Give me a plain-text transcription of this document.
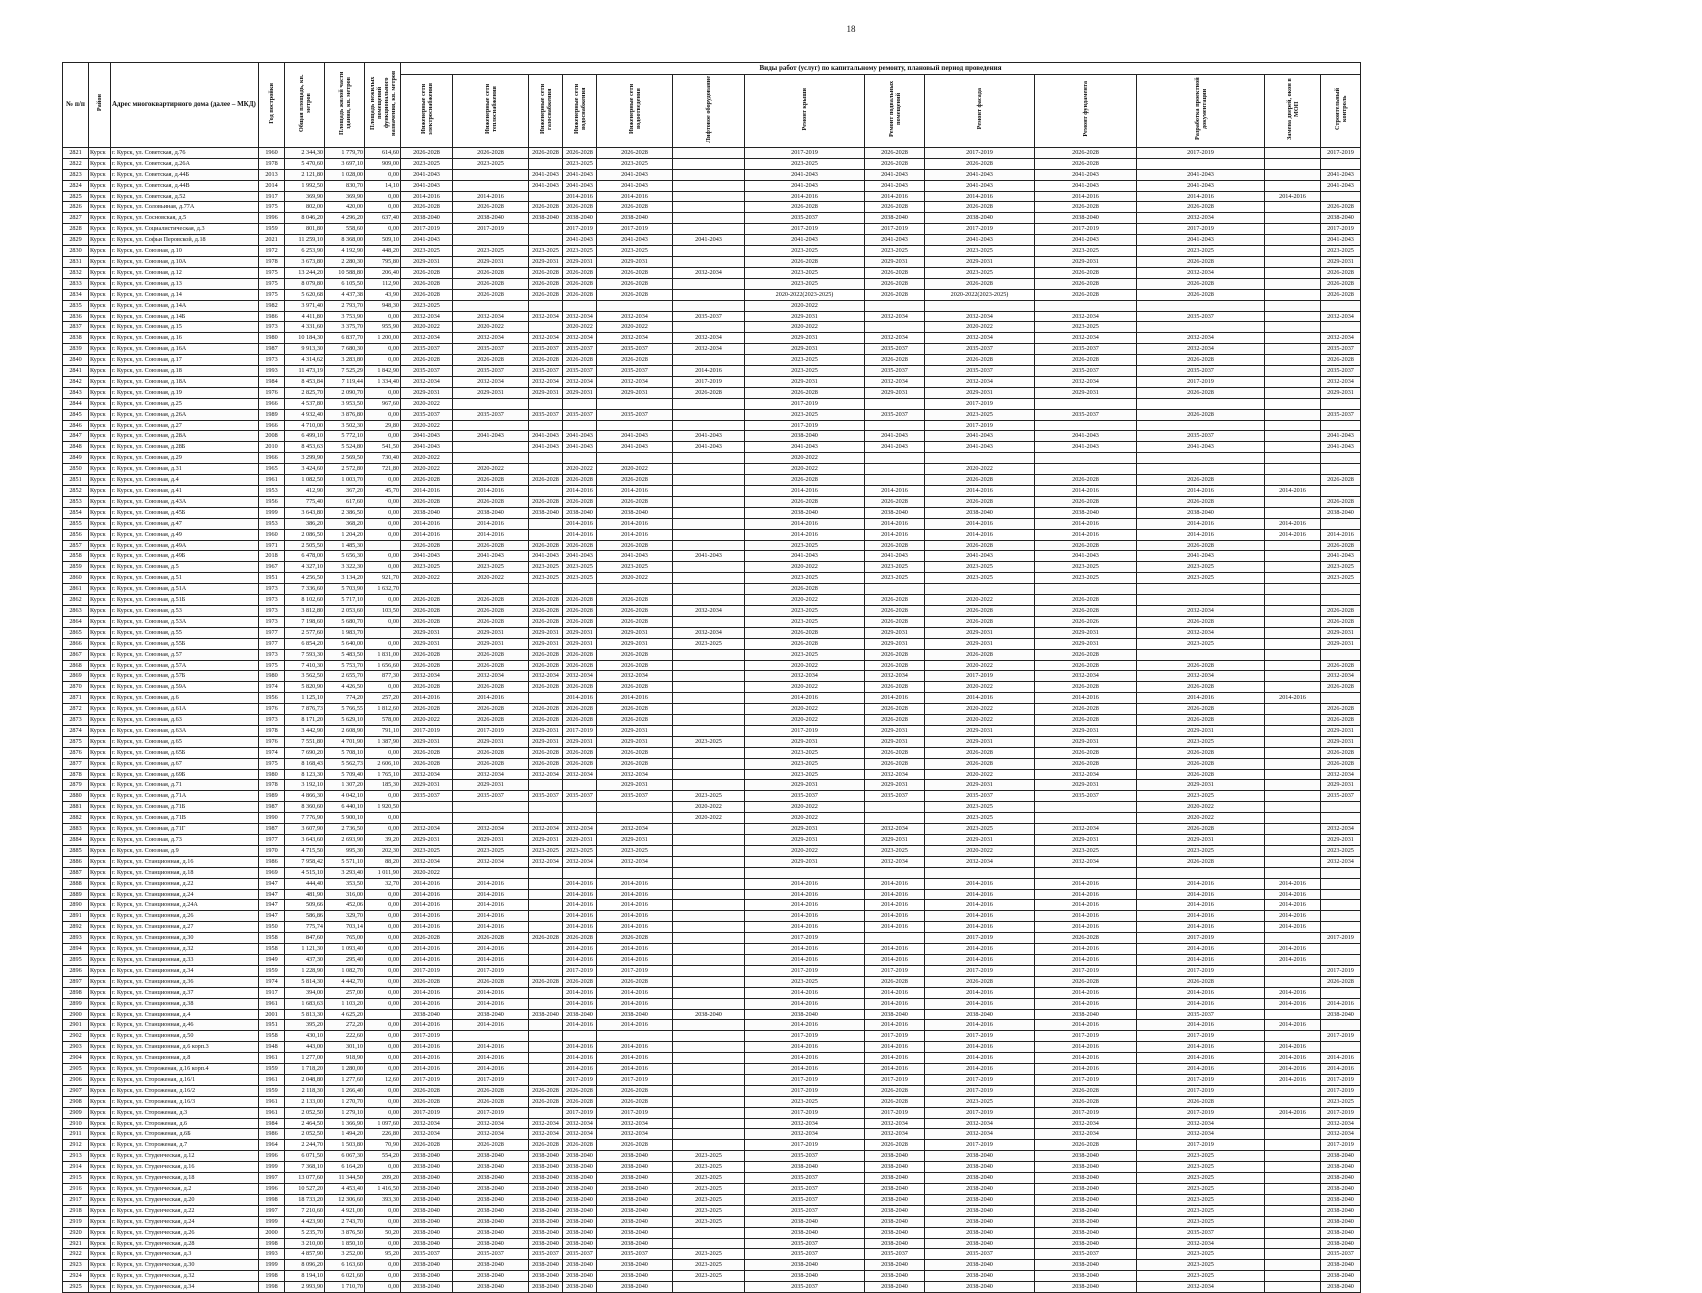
18
№ п/п	Район	Адрес многоквартирного дома (далее – МКД)	Год постройки	Общая площадь, кв. метров	Площадь жилой части здания, кв. метров	Площадь нежилых помещений функционального назначения, кв. метров	Виды работ (услуг) по капитальному ремонту, плановый период проведения												
							Инженерные сети электроснабжения	Инженерные сети теплоснабжения	Инженерные сети газоснабжения	Инженерные сети водоснабжения	Инженерные сети водоотведения	Лифтовое оборудование	Ремонт крыши	Ремонт подвальных помещений	Ремонт фасада	Ремонт фундамента	Разработка проектной документации	Замена дверей, окон в МОП	Строительный контроль
2821	Курск	г. Курск, ул. Советская, д.76	1960	2 344,30	1 779,70	614,60	2026-2028	2026-2028	2026-2028	2026-2028	2026-2028		2017-2019	2026-2028	2017-2019	2026-2028	2017-2019		2017-2019
2822	Курск	г. Курск, ул. Советская, д.26А	1978	5 470,60	3 697,10	909,00	2023-2025	2023-2025		2023-2025	2023-2025		2023-2025	2026-2028	2026-2028	2026-2028			
2823	Курск	г. Курск, ул. Советская, д.44Б	2013	2 121,80	1 028,00	0,00	2041-2043		2041-2043	2041-2043	2041-2043		2041-2043	2041-2043	2041-2043	2041-2043	2041-2043		2041-2043
2824	Курск	г. Курск, ул. Советская, д.44В	2014	1 992,50	830,70	14,10	2041-2043		2041-2043	2041-2043	2041-2043		2041-2043	2041-2043	2041-2043	2041-2043	2041-2043		2041-2043
2825	Курск	г. Курск, ул. Советская, д.52	1917	369,90	369,90	0,00	2014-2016	2014-2016		2014-2016	2014-2016		2014-2016	2014-2016	2014-2016	2014-2016	2014-2016	2014-2016	
2826	Курск	г. Курск, ул. Соловьиная, д.77А	1975	802,00	420,00	0,00	2026-2028	2026-2028	2026-2028	2026-2028	2026-2028		2026-2028	2026-2028	2026-2028	2026-2028	2026-2028		2026-2028
2827	Курск	г. Курск, ул. Сосновская, д.5	1996	8 046,20	4 296,20	637,40	2038-2040	2038-2040	2038-2040	2038-2040	2038-2040		2035-2037	2038-2040	2038-2040	2038-2040	2032-2034		2038-2040
2828	Курск	г. Курск, ул. Социалистическая, д.3	1959	801,80	558,60	0,00	2017-2019	2017-2019		2017-2019	2017-2019		2017-2019	2017-2019	2017-2019	2017-2019	2017-2019		2017-2019
2829	Курск	г. Курск, ул. Софьи Перовской, д.18	2021	11 259,10	8 368,00	509,10	2041-2043			2041-2043	2041-2043	2041-2043	2041-2043	2041-2043	2041-2043	2041-2043	2041-2043		2041-2043
2830	Курск	г. Курск, ул. Союзная, д.10	1972	6 253,90	4 192,90	448,20	2023-2025	2023-2025	2023-2025	2023-2025	2023-2025		2023-2025	2023-2025	2023-2025	2023-2025	2023-2025		2023-2025
2831	Курск	г. Курск, ул. Союзная, д.10А	1978	3 673,80	2 280,30	795,80	2029-2031	2029-2031	2029-2031	2029-2031	2029-2031		2026-2028	2029-2031	2029-2031	2029-2031	2026-2028		2029-2031
2832	Курск	г. Курск, ул. Союзная, д.12	1975	13 244,20	10 588,80	206,40	2026-2028	2026-2028	2026-2028	2026-2028	2026-2028	2032-2034	2023-2025	2026-2028	2023-2025	2026-2028	2032-2034		2026-2028
2833	Курск	г. Курск, ул. Союзная, д.13	1975	8 079,80	6 105,50	112,90	2026-2028	2026-2028	2026-2028	2026-2028	2026-2028		2023-2025	2026-2028	2026-2028	2026-2028	2026-2028		2026-2028
2834	Курск	г. Курск, ул. Союзная, д.14	1975	5 620,68	4 437,38	43,90	2026-2028	2026-2028	2026-2028	2026-2028	2026-2028		2020-2022(2023-2025)	2026-2028	2020-2022(2023-2025)	2026-2028	2026-2028		2026-2028
2835	Курск	г. Курск, ул. Союзная, д.14А	1982	3 971,40	2 793,70	948,30	2023-2025						2020-2022						
2836	Курск	г. Курск, ул. Союзная, д.14Б	1986	4 411,80	3 753,90	0,00	2032-2034	2032-2034	2032-2034	2032-2034	2032-2034	2035-2037	2029-2031	2032-2034	2032-2034	2032-2034	2035-2037		2032-2034
2837	Курск	г. Курск, ул. Союзная, д.15	1973	4 331,60	3 375,70	955,90	2020-2022	2020-2022		2020-2022	2020-2022		2020-2022		2020-2022	2023-2025			
2838	Курск	г. Курск, ул. Союзная, д.16	1980	10 184,30	6 837,70	1 200,00	2032-2034	2032-2034	2032-2034	2032-2034	2032-2034	2032-2034	2029-2031	2032-2034	2032-2034	2032-2034	2032-2034		2032-2034
2839	Курск	г. Курск, ул. Союзная, д.16А	1987	9 913,30	7 680,30	0,00	2035-2037	2035-2037	2035-2037	2035-2037	2035-2037	2032-2034	2029-2031	2035-2037	2035-2037	2035-2037	2032-2034		2035-2037
2840	Курск	г. Курск, ул. Союзная, д.17	1973	4 314,62	3 283,80	0,00	2026-2028	2026-2028	2026-2028	2026-2028	2026-2028		2023-2025	2026-2028	2026-2028	2026-2028	2026-2028		2026-2028
2841	Курск	г. Курск, ул. Союзная, д.18	1993	11 473,19	7 525,29	1 842,90	2035-2037	2035-2037	2035-2037	2035-2037	2035-2037	2014-2016	2023-2025	2035-2037	2035-2037	2035-2037	2035-2037		2035-2037
2842	Курск	г. Курск, ул. Союзная, д.18А	1984	8 453,84	7 119,44	1 334,40	2032-2034	2032-2034	2032-2034	2032-2034	2032-2034	2017-2019	2029-2031	2032-2034	2032-2034	2032-2034	2017-2019		2032-2034
2843	Курск	г. Курск, ул. Союзная, д.19	1976	2 825,70	2 090,70	0,00	2029-2031	2029-2031	2029-2031	2029-2031	2029-2031	2026-2028	2026-2028	2029-2031	2029-2031	2029-2031	2026-2028		2029-2031
2844	Курск	г. Курск, ул. Союзная, д.25	1966	4 537,80	3 953,50	967,60	2020-2022						2017-2019		2017-2019				
2845	Курск	г. Курск, ул. Союзная, д.26А	1989	4 932,40	3 876,80	0,00	2035-2037	2035-2037	2035-2037	2035-2037	2035-2037		2023-2025	2035-2037	2023-2025	2035-2037	2026-2028		2035-2037
2846	Курск	г. Курск, ул. Союзная, д.27	1966	4 710,00	3 502,30	29,80	2020-2022						2017-2019		2017-2019				
2847	Курск	г. Курск, ул. Союзная, д.28А	2008	6 499,10	5 772,10	0,00	2041-2043	2041-2043	2041-2043	2041-2043	2041-2043	2041-2043	2038-2040	2041-2043	2041-2043	2041-2043	2035-2037		2041-2043
2848	Курск	г. Курск, ул. Союзная, д.28Б	2010	8 453,63	5 524,80	541,50	2041-2043		2041-2043	2041-2043	2041-2043	2041-2043	2041-2043	2041-2043	2041-2043	2041-2043	2041-2043		2041-2043
2849	Курск	г. Курск, ул. Союзная, д.29	1966	3 299,90	2 569,50	730,40	2020-2022						2020-2022						
2850	Курск	г. Курск, ул. Союзная, д.31	1965	3 424,60	2 572,80	721,80	2020-2022	2020-2022		2020-2022	2020-2022		2020-2022		2020-2022				
2851	Курск	г. Курск, ул. Союзная, д.4	1961	1 082,50	1 003,70	0,00	2026-2028	2026-2028	2026-2028	2026-2028	2026-2028		2026-2028		2026-2028	2026-2028	2026-2028		2026-2028
2852	Курск	г. Курск, ул. Союзная, д.41	1953	412,90	367,20	45,70	2014-2016	2014-2016		2014-2016	2014-2016		2014-2016	2014-2016	2014-2016	2014-2016	2014-2016	2014-2016	
2853	Курск	г. Курск, ул. Союзная, д.43А	1956	775,40	617,60	0,00	2026-2028	2026-2028	2026-2028	2026-2028	2026-2028		2026-2028	2026-2028	2026-2028	2026-2028	2026-2028		2026-2028
2854	Курск	г. Курск, ул. Союзная, д.45Б	1999	3 643,80	2 386,50	0,00	2038-2040	2038-2040	2038-2040	2038-2040	2038-2040		2038-2040	2038-2040	2038-2040	2038-2040	2038-2040		2038-2040
2855	Курск	г. Курск, ул. Союзная, д.47	1953	386,20	368,20	0,00	2014-2016	2014-2016		2014-2016	2014-2016		2014-2016	2014-2016	2014-2016	2014-2016	2014-2016	2014-2016	
2856	Курск	г. Курск, ул. Союзная, д.49	1960	2 086,50	1 204,20	0,00	2014-2016	2014-2016		2014-2016	2014-2016		2014-2016	2014-2016	2014-2016	2014-2016	2014-2016	2014-2016	2014-2016
2857	Курск	г. Курск, ул. Союзная, д.49А	1971	2 505,50	1 485,30		2026-2028	2026-2028	2026-2028	2026-2028	2026-2028		2023-2025	2026-2028	2026-2028	2026-2028	2026-2028		2026-2028
2858	Курск	г. Курск, ул. Союзная, д.49Б	2018	6 478,00	5 656,30	0,00	2041-2043	2041-2043	2041-2043	2041-2043	2041-2043	2041-2043	2041-2043	2041-2043	2041-2043	2041-2043	2041-2043		2041-2043
2859	Курск	г. Курск, ул. Союзная, д.5	1967	4 327,10	3 322,30	0,00	2023-2025	2023-2025	2023-2025	2023-2025	2023-2025		2020-2022	2023-2025	2023-2025	2023-2025	2023-2025		2023-2025
2860	Курск	г. Курск, ул. Союзная, д.51	1951	4 256,50	3 134,20	921,70	2020-2022	2020-2022	2023-2025	2023-2025	2020-2022		2023-2025	2023-2025	2023-2025	2023-2025	2023-2025		2023-2025
2861	Курск	г. Курск, ул. Союзная, д.51А	1973	7 336,60	5 703,90	1 632,70							2026-2028						
2862	Курск	г. Курск, ул. Союзная, д.51Б	1973	8 102,60	5 717,10	0,00	2026-2028	2026-2028	2026-2028	2026-2028	2026-2028		2020-2022	2026-2028	2020-2022	2026-2028			
2863	Курск	г. Курск, ул. Союзная, д.53	1973	3 812,80	2 053,60	103,50	2026-2028	2026-2028	2026-2028	2026-2028	2026-2028	2032-2034	2023-2025	2026-2028	2026-2028	2026-2028	2032-2034		2026-2028
2864	Курск	г. Курск, ул. Союзная, д.53А	1973	7 198,60	5 680,70	0,00	2026-2028	2026-2028	2026-2028	2026-2028	2026-2028		2023-2025	2026-2028	2026-2028	2026-2026	2026-2028		2026-2028
2865	Курск	г. Курск, ул. Союзная, д.55	1977	2 577,60	1 983,70		2029-2031	2029-2031	2029-2031	2029-2031	2029-2031	2032-2034	2026-2028	2029-2031	2029-2031	2029-2031	2032-2034		2029-2031
2866	Курск	г. Курск, ул. Союзная, д.55Б	1977	6 854,20	5 640,00	0,00	2029-2031	2029-2031	2029-2031	2029-2031	2029-2031	2023-2025	2026-2028	2029-2031	2029-2031	2029-2031	2023-2025		2029-2031
2867	Курск	г. Курск, ул. Союзная, д.57	1973	7 593,30	5 483,50	1 831,00	2026-2028	2026-2028	2026-2028	2026-2028	2026-2028		2023-2025	2026-2028	2026-2028	2026-2028			
2868	Курск	г. Курск, ул. Союзная, д.57А	1975	7 410,30	5 753,70	1 656,60	2026-2028	2026-2028	2026-2028	2026-2028	2026-2028		2020-2022	2026-2028	2020-2022	2026-2028	2026-2028		2026-2028
2869	Курск	г. Курск, ул. Союзная, д.57Б	1980	3 562,50	2 655,70	877,30	2032-2034	2032-2034	2032-2034	2032-2034	2032-2034		2032-2034	2032-2034	2017-2019	2032-2034	2032-2034		2032-2034
2870	Курск	г. Курск, ул. Союзная, д.59А	1974	5 820,90	4 426,50	0,00	2026-2028	2026-2028	2026-2028	2026-2028	2026-2028		2020-2022	2026-2028	2020-2022	2026-2028	2026-2028		2026-2028
2871	Курск	г. Курск, ул. Союзная, д.6	1956	1 125,10	774,20	257,20	2014-2016	2014-2016		2014-2016	2014-2016		2014-2016	2014-2016	2014-2016	2014-2016	2014-2016	2014-2016	
2872	Курск	г. Курск, ул. Союзная, д.61А	1976	7 876,73	5 766,55	1 812,60	2026-2028	2026-2028	2026-2028	2026-2028	2026-2028		2020-2022	2026-2028	2020-2022	2026-2028	2026-2028		2026-2028
2873	Курск	г. Курск, ул. Союзная, д.63	1973	8 171,20	5 629,10	578,00	2020-2022	2026-2028	2026-2028	2026-2028	2026-2028		2020-2022	2026-2028	2020-2022	2026-2028	2026-2028		2026-2028
2874	Курск	г. Курск, ул. Союзная, д.63А	1978	3 442,90	2 608,90	791,10	2017-2019	2017-2019	2029-2031	2017-2019	2029-2031		2017-2019	2029-2031	2029-2031	2029-2031	2029-2031		2029-2031
2875	Курск	г. Курск, ул. Союзная, д.65	1976	7 551,80	4 701,90	1 387,90	2029-2031	2029-2031	2029-2031	2029-2031	2029-2031	2023-2025	2029-2031	2029-2031	2029-2031	2029-2031	2023-2025		2029-2031
2876	Курск	г. Курск, ул. Союзная, д.65Б	1974	7 690,20	5 708,10	0,00	2026-2028	2026-2028	2026-2028	2026-2028	2026-2028		2023-2025	2026-2028	2026-2028	2026-2028	2026-2028		2026-2028
2877	Курск	г. Курск, ул. Союзная, д.67	1975	8 168,43	5 562,73	2 606,10	2026-2028	2026-2028	2026-2028	2026-2028	2026-2028		2023-2025	2026-2028	2026-2028	2026-2028	2026-2028		2026-2028
2878	Курск	г. Курск, ул. Союзная, д.69Б	1980	8 123,30	5 709,40	1 765,10	2032-2034	2032-2034	2032-2034	2032-2034	2032-2034		2023-2025	2032-2034	2020-2022	2032-2034	2026-2028		2032-2034
2879	Курск	г. Курск, ул. Союзная, д.71	1978	3 192,10	1 307,20	185,30	2029-2031	2029-2031			2029-2031		2029-2031	2029-2031	2029-2031	2029-2031	2029-2031		2029-2031
2880	Курск	г. Курск, ул. Союзная, д.71А	1989	4 866,30	4 042,10	0,00	2035-2037	2035-2037	2035-2037	2035-2037	2035-2037	2023-2025	2035-2037	2035-2037	2035-2037	2035-2037	2023-2025		2035-2037
2881	Курск	г. Курск, ул. Союзная, д.71Б	1987	8 360,60	6 440,10	1 920,50						2020-2022	2020-2022		2023-2025		2020-2022		
2882	Курск	г. Курск, ул. Союзная, д.71В	1990	7 776,90	5 900,10	0,00						2020-2022	2020-2022		2023-2025		2020-2022		
2883	Курск	г. Курск, ул. Союзная, д.71Г	1987	3 607,90	2 736,50	0,00	2032-2034	2032-2034	2032-2034	2032-2034	2032-2034		2029-2031	2032-2034	2023-2025	2032-2034	2026-2028		2032-2034
2884	Курск	г. Курск, ул. Союзная, д.73	1977	3 643,60	2 693,90	39,20	2029-2031	2029-2031	2029-2031	2029-2031	2029-2031		2029-2031	2029-2031	2029-2031	2029-2031	2029-2031		2029-2031
2885	Курск	г. Курск, ул. Союзная, д.9	1970	4 715,50	995,30	202,30	2023-2025	2023-2025	2023-2025	2023-2025	2023-2025		2020-2022	2023-2025	2020-2022	2023-2025	2023-2025		2023-2025
2886	Курск	г. Курск, ул. Станционная, д.16	1986	7 958,42	5 571,10	88,20	2032-2034	2032-2034	2032-2034	2032-2034	2032-2034		2029-2031	2032-2034	2032-2034	2032-2034	2026-2028		2032-2034
2887	Курск	г. Курск, ул. Станционная, д.18	1969	4 515,10	3 293,40	1 011,90	2020-2022												
2888	Курск	г. Курск, ул. Станционная, д.22	1947	444,40	353,50	32,70	2014-2016	2014-2016		2014-2016	2014-2016		2014-2016	2014-2016	2014-2016	2014-2016	2014-2016	2014-2016	
2889	Курск	г. Курск, ул. Станционная, д.24	1947	481,90	316,00	0,00	2014-2016	2014-2016		2014-2016	2014-2016		2014-2016	2014-2016	2014-2016	2014-2016	2014-2016	2014-2016	
2890	Курск	г. Курск, ул. Станционная, д.24А	1947	509,66	452,06	0,00	2014-2016	2014-2016		2014-2016	2014-2016		2014-2016	2014-2016	2014-2016	2014-2016	2014-2016	2014-2016	
2891	Курск	г. Курск, ул. Станционная, д.26	1947	586,86	329,70	0,00	2014-2016	2014-2016		2014-2016	2014-2016		2014-2016	2014-2016	2014-2016	2014-2016	2014-2016	2014-2016	
2892	Курск	г. Курск, ул. Станционная, д.27	1950	775,74	703,14	0,00	2014-2016	2014-2016		2014-2016	2014-2016		2014-2016	2014-2016	2014-2016	2014-2016	2014-2016	2014-2016	
2893	Курск	г. Курск, ул. Станционная, д.30	1958	847,60	765,00	0,00	2026-2028	2026-2028	2026-2028	2026-2028	2026-2028		2017-2019		2017-2019	2026-2028	2017-2019		2017-2019
2894	Курск	г. Курск, ул. Станционная, д.32	1958	1 121,30	1 093,40	0,00	2014-2016	2014-2016		2014-2016	2014-2016		2014-2016	2014-2016	2014-2016	2014-2016	2014-2016	2014-2016	
2895	Курск	г. Курск, ул. Станционная, д.33	1949	437,30	295,40	0,00	2014-2016	2014-2016		2014-2016	2014-2016		2014-2016	2014-2016	2014-2016	2014-2016	2014-2016	2014-2016	
2896	Курск	г. Курск, ул. Станционная, д.34	1959	1 228,90	1 082,70	0,00	2017-2019	2017-2019		2017-2019	2017-2019		2017-2019	2017-2019	2017-2019	2017-2019	2017-2019		2017-2019
2897	Курск	г. Курск, ул. Станционная, д.36	1974	5 814,30	4 442,70	0,00	2026-2028	2026-2028	2026-2028	2026-2028	2026-2028		2023-2025	2026-2028	2026-2028	2026-2028	2026-2028		2026-2028
2898	Курск	г. Курск, ул. Станционная, д.37	1917	394,00	257,00	0,00	2014-2016	2014-2016		2014-2016	2014-2016		2014-2016	2014-2016	2014-2016	2014-2016	2014-2016	2014-2016	
2899	Курск	г. Курск, ул. Станционная, д.38	1961	1 683,63	1 103,20	0,00	2014-2016	2014-2016		2014-2016	2014-2016		2014-2016	2014-2016	2014-2016	2014-2016	2014-2016	2014-2016	2014-2016
2900	Курск	г. Курск, ул. Станционная, д.4	2001	5 813,30	4 625,20		2038-2040	2038-2040	2038-2040	2038-2040	2038-2040	2038-2040	2038-2040	2038-2040	2038-2040	2038-2040	2035-2037		2038-2040
2901	Курск	г. Курск, ул. Станционная, д.46	1951	395,20	272,20	0,00	2014-2016	2014-2016		2014-2016	2014-2016		2014-2016	2014-2016	2014-2016	2014-2016	2014-2016	2014-2016	
2902	Курск	г. Курск, ул. Станционная, д.50	1958	430,10	222,60	0,00	2017-2019						2017-2019	2017-2019	2017-2019	2017-2019	2017-2019		2017-2019
2903	Курск	г. Курск, ул. Станционная, д.6 корп.3	1948	443,00	301,10	0,00	2014-2016	2014-2016		2014-2016	2014-2016		2014-2016	2014-2016	2014-2016	2014-2016	2014-2016	2014-2016	
2904	Курск	г. Курск, ул. Станционная, д.8	1961	1 277,00	918,90	0,00	2014-2016	2014-2016		2014-2016	2014-2016		2014-2016	2014-2016	2014-2016	2014-2016	2014-2016	2014-2016	2014-2016
2905	Курск	г. Курск, ул. Стороженая, д.16 корп.4	1959	1 718,20	1 280,00	0,00	2014-2016	2014-2016		2014-2016	2014-2016		2014-2016	2014-2016	2014-2016	2014-2016	2014-2016	2014-2016	2014-2016
2906	Курск	г. Курск, ул. Стороженая, д.16/1	1961	2 048,80	1 277,60	12,60	2017-2019	2017-2019		2017-2019	2017-2019		2017-2019	2017-2019	2017-2019	2017-2019	2017-2019	2014-2016	2017-2019
2907	Курск	г. Курск, ул. Стороженая, д.16/2	1959	2 118,30	1 266,40	0,00	2026-2028	2026-2028	2026-2028	2026-2028	2026-2028		2017-2019	2026-2028	2017-2019	2026-2028	2017-2019		2017-2019
2908	Курск	г. Курск, ул. Стороженая, д.16/3	1961	2 133,00	1 270,70	0,00	2026-2028	2026-2028	2026-2028	2026-2028	2026-2028		2023-2025	2026-2028	2023-2025	2026-2028	2026-2028		2023-2025
2909	Курск	г. Курск, ул. Стороженая, д.3	1961	2 052,50	1 279,10	0,00	2017-2019	2017-2019		2017-2019	2017-2019		2017-2019	2017-2019	2017-2019	2017-2019	2017-2019	2014-2016	2017-2019
2910	Курск	г. Курск, ул. Стороженая, д.6	1984	2 464,50	1 366,90	1 097,60	2032-2034	2032-2034	2032-2034	2032-2034	2032-2034		2032-2034	2032-2034	2032-2034	2032-2034	2032-2034		2032-2034
2911	Курск	г. Курск, ул. Стороженая, д.6Б	1986	2 052,50	1 494,20	226,80	2032-2034	2032-2034	2032-2034	2032-2034	2032-2034		2032-2034	2032-2034	2032-2034	2032-2034	2032-2034		2032-2034
2912	Курск	г. Курск, ул. Стороженая, д.7	1964	2 244,70	1 503,80	70,90	2026-2028	2026-2028	2026-2028	2026-2028	2026-2028		2017-2019	2026-2028	2017-2019	2026-2028	2017-2019		2017-2019
2913	Курск	г. Курск, ул. Студенческая, д.12	1996	6 071,50	6 067,30	554,20	2038-2040	2038-2040	2038-2040	2038-2040	2038-2040	2023-2025	2035-2037	2038-2040	2038-2040	2038-2040	2023-2025		2038-2040
2914	Курск	г. Курск, ул. Студенческая, д.16	1999	7 368,10	6 164,20	0,00	2038-2040	2038-2040	2038-2040	2038-2040	2038-2040	2023-2025	2038-2040	2038-2040	2038-2040	2038-2040	2023-2025		2038-2040
2915	Курск	г. Курск, ул. Студенческая, д.18	1997	13 077,60	11 344,50	209,20	2038-2040	2038-2040	2038-2040	2038-2040	2038-2040	2023-2025	2035-2037	2038-2040	2038-2040	2038-2040	2023-2025		2038-2040
2916	Курск	г. Курск, ул. Студенческая, д.2	1996	10 527,20	4 453,40	1 416,50	2038-2040	2038-2040	2038-2040	2038-2040	2038-2040	2023-2025	2035-2037	2038-2040	2038-2040	2038-2040	2023-2025		2038-2040
2917	Курск	г. Курск, ул. Студенческая, д.20	1998	18 733,20	12 306,60	393,30	2038-2040	2038-2040	2038-2040	2038-2040	2038-2040	2023-2025	2035-2037	2038-2040	2038-2040	2038-2040	2023-2025		2038-2040
2918	Курск	г. Курск, ул. Студенческая, д.22	1997	7 210,60	4 921,00	0,00	2038-2040	2038-2040	2038-2040	2038-2040	2038-2040	2023-2025	2035-2037	2038-2040	2038-2040	2038-2040	2023-2025		2038-2040
2919	Курск	г. Курск, ул. Студенческая, д.24	1999	4 423,90	2 743,70	0,00	2038-2040	2038-2040	2038-2040	2038-2040	2038-2040	2023-2025	2038-2040	2038-2040	2038-2040	2038-2040	2023-2025		2038-2040
2920	Курск	г. Курск, ул. Студенческая, д.26	2000	5 235,70	3 876,50	50,20	2038-2040	2038-2040	2038-2040	2038-2040	2038-2040		2038-2040	2038-2040	2038-2040	2038-2040	2035-2037		2038-2040
2921	Курск	г. Курск, ул. Студенческая, д.28	1998	3 210,00	1 850,10	0,00	2038-2040	2038-2040	2038-2040	2038-2040	2038-2040		2035-2037	2038-2040	2038-2040	2038-2040	2032-2034		2038-2040
2922	Курск	г. Курск, ул. Студенческая, д.3	1993	4 857,90	3 252,00	95,20	2035-2037	2035-2037	2035-2037	2035-2037	2035-2037	2023-2025	2035-2037	2035-2037	2035-2037	2035-2037	2023-2025		2035-2037
2923	Курск	г. Курск, ул. Студенческая, д.30	1999	8 096,20	6 163,60	0,00	2038-2040	2038-2040	2038-2040	2038-2040	2038-2040	2023-2025	2038-2040	2038-2040	2038-2040	2038-2040	2023-2025		2038-2040
2924	Курск	г. Курск, ул. Студенческая, д.32	1998	8 194,10	6 021,60	0,00	2038-2040	2038-2040	2038-2040	2038-2040	2038-2040	2023-2025	2038-2040	2038-2040	2038-2040	2038-2040	2023-2025		2038-2040
2925	Курск	г. Курск, ул. Студенческая, д.34	1998	2 993,90	1 710,70	0,00	2038-2040	2038-2040	2038-2040	2038-2040	2038-2040		2035-2037	2038-2040	2038-2040	2038-2040	2032-2034		2038-2040
